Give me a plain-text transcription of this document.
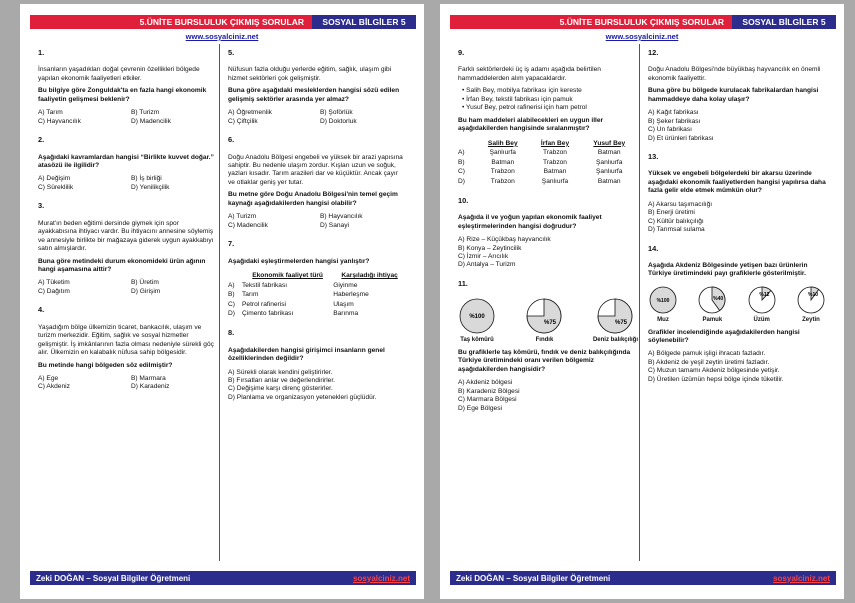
5.ÜNİTE BURSLULUK ÇIKMIŞ SORULAR	SOSYAL BİLGİLER 5
www.sosyalciniz.net
1.
İnsanların yaşadıkları doğal çevrenin özellikleri bölgede yapılan ekonomik faaliyetleri etkiler.
Bu bilgiye göre Zonguldak'ta en fazla hangi ekonomik faaliyetin gelişmesi beklenir?
A) Tarım	B) Turizm
C) Hayvancılık	D) Madencilik
2.
Aşağıdaki kavramlardan hangisi “Birlikte kuvvet doğar.” atasözü ile ilgilidir?
A) Değişim	B) İş birliği
C) Süreklilik	D) Yenilikçilik
3.
Murat'ın beden eğitimi dersinde giymek için spor ayakkabısına ihtiyacı vardır. Bu ihtiyacını annesine söylemiş ve annesiyle birlikte bir mağazaya giderek uygun ayakkabıyı satın almışlardır.
Buna göre metindeki durum ekonomideki ürün ağının hangi aşamasına aittir?
A) Tüketim	B) Üretim
C) Dağıtım	D) Girişim
4.
Yaşadığım bölge ülkemizin ticaret, bankacılık, ulaşım ve turizm merkezidir. Eğitim, sağlık ve sosyal hizmetler gelişmiştir. İş imkânlarının fazla olması nedeniyle sürekli göç alır. Ülkemizin en kalabalık nüfusa sahip bölgesidir.
Bu metinde hangi bölgeden söz edilmiştir?
A) Ege	B) Marmara
C) Akdeniz	D) Karadeniz
5.
Nüfusun fazla olduğu yerlerde eğitim, sağlık, ulaşım gibi hizmet sektörleri çok gelişmiştir.
Buna göre aşağıdaki mesleklerden hangisi sözü edilen gelişmiş sektörler arasında yer almaz?
A) Öğretmenlik	B) Şoförlük
C) Çiftçilik	D) Doktorluk
6.
Doğu Anadolu Bölgesi engebeli ve yüksek bir arazi yapısına sahiptir. Bu nedenle ulaşım zordur. Kışları uzun ve soğuk, yazları kısadır. Tarım arazileri dar ve küçüktür. Ancak çayır ve otlaklar geniş yer tutar.
Bu metne göre Doğu Anadolu Bölgesi'nin temel geçim kaynağı aşağıdakilerden hangisi olabilir?
A) Turizm	B) Hayvancılık
C) Madencilik	D) Sanayi
7.
Aşağıdaki eşleştirmelerden hangisi yanlıştır?
	Ekonomik faaliyet türü	Karşıladığı ihtiyaç
A)	Tekstil fabrikası	Giyinme
B)	Tarım	Haberleşme
C)	Petrol rafinerisi	Ulaşım
D)	Çimento fabrikası	Barınma
8.
Aşağıdakilerden hangisi girişimci insanların genel özelliklerinden değildir?
A) Sürekli olarak kendini geliştirirler.
B) Fırsatları anlar ve değerlendirirler.
C) Değişime karşı direnç gösterirler.
D) Planlama ve organizasyon yetenekleri güçlüdür.
Zeki DOĞAN – Sosyal Bilgiler Öğretmeni	sosyalciniz.net
5.ÜNİTE BURSLULUK ÇIKMIŞ SORULAR	SOSYAL BİLGİLER 5
www.sosyalciniz.net
9.
Farklı sektörlerdeki üç iş adamı aşağıda belirtilen hammaddelerden alım yapacaklardır.
• Salih Bey, mobilya fabrikası için kereste
• İrfan Bey, tekstil fabrikası için pamuk
• Yusuf Bey, petrol rafinerisi için ham petrol
Bu ham maddeleri alabilecekleri en uygun iller aşağıdakilerden hangisinde sıralanmıştır?
	Salih Bey	İrfan Bey	Yusuf Bey
A)	Şanlıurfa	Trabzon	Batman
B)	Batman	Trabzon	Şanlıurfa
C)	Trabzon	Batman	Şanlıurfa
D)	Trabzon	Şanlıurfa	Batman
10.
Aşağıda il ve yoğun yapılan ekonomik faaliyet eşleştirmelerinden hangisi doğrudur?
A) Rize – Küçükbaş hayvancılık
B) Konya – Zeytincilik
C) İzmir – Arıcılık
D) Antalya – Turizm
11.
%100
Taş kömürü
%75
Fındık
%75
Deniz balıkçılığı
Bu grafiklerle taş kömürü, fındık ve deniz balıkçılığında Türkiye üretimindeki oranı verilen bölgemiz aşağıdakilerden hangisidir?
A) Akdeniz bölgesi
B) Karadeniz Bölgesi
C) Marmara Bölgesi
D) Ege Bölgesi
12.
Doğu Anadolu Bölgesi'nde büyükbaş hayvancılık en önemli ekonomik faaliyettir.
Buna göre bu bölgede kurulacak fabrikalardan hangisi hammaddeye daha kolay ulaşır?
A) Kağıt fabrikası
B) Şeker fabrikası
C) Un fabrikası
D) Et ürünleri fabrikası
13.
Yüksek ve engebeli bölgelerdeki bir akarsu üzerinde aşağıdaki ekonomik faaliyetlerden hangisi yapılırsa daha fazla gelir elde etmek mümkün olur?
A) Akarsu taşımacılığı
B) Enerji üretimi
C) Kültür balıkçılığı
D) Tarımsal sulama
14.
Aşağıda Akdeniz Bölgesinde yetişen bazı ürünlerin Türkiye üretimindeki payı grafiklerle gösterilmiştir.
%100
Muz
%40
Pamuk
%12
Üzüm
%10
Zeytin
Grafikler incelendiğinde aşağıdakilerden hangisi söylenebilir?
A) Bölgede pamuk işligi ihracatı fazladır.
B) Akdeniz de yeşil zeytin üretimi fazladır.
C) Muzun tamamı Akdeniz bölgesinde yetişir.
D) Üretilen üzümün hepsi bölge içinde tüketilir.
Zeki DOĞAN – Sosyal Bilgiler Öğretmeni	sosyalciniz.net
